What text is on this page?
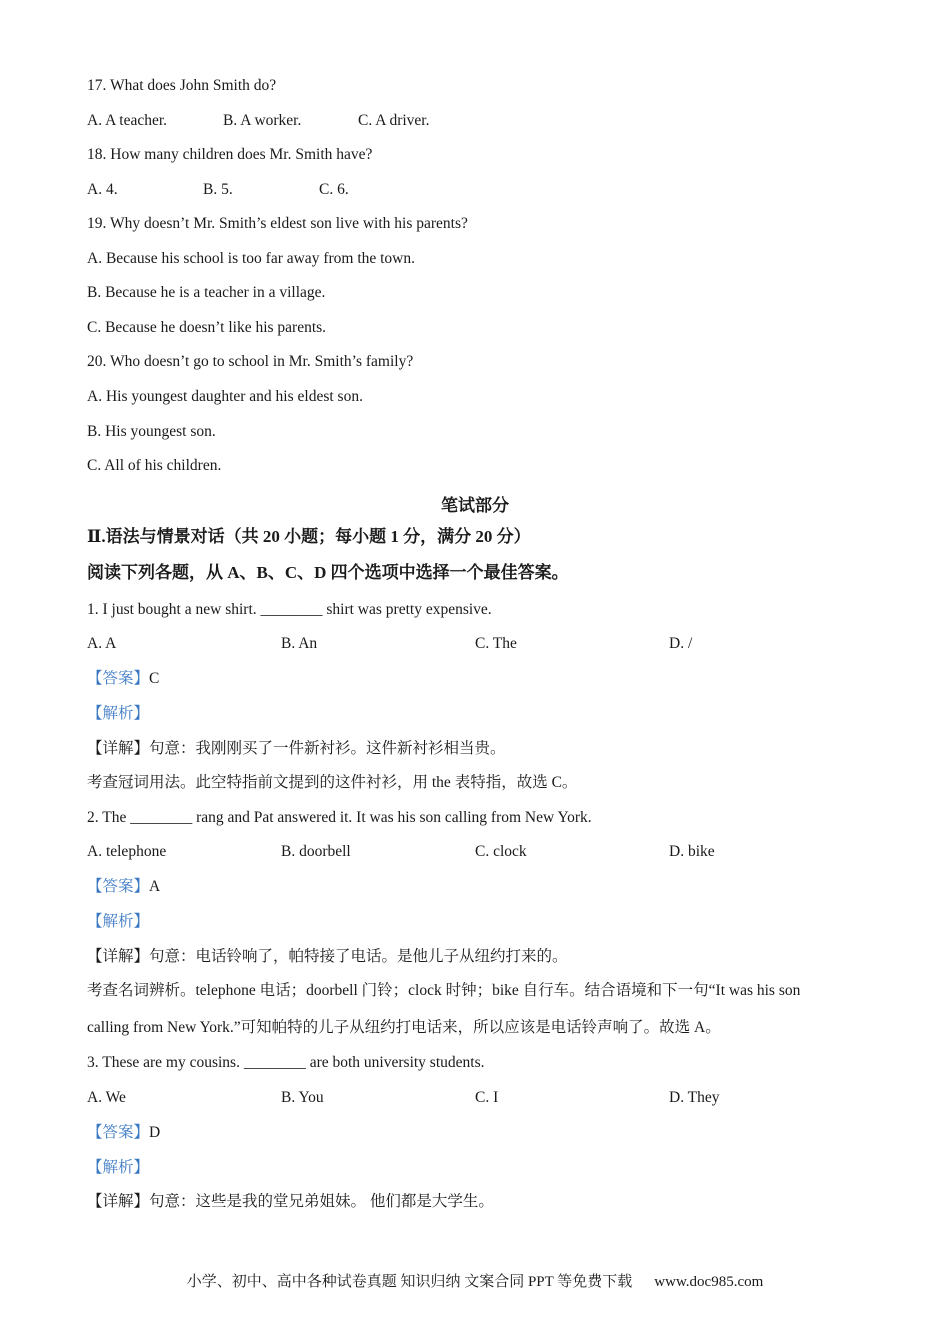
17. What does John Smith do?
A. A teacher.	B. A worker.	C. A driver.
18. How many children does Mr. Smith have?
A. 4.	B. 5.	C. 6.
19. Why doesn’t Mr. Smith’s eldest son live with his parents?
A. Because his school is too far away from the town.
B. Because he is a teacher in a village.
C. Because he doesn’t like his parents.
20. Who doesn’t go to school in Mr. Smith’s family?
A. His youngest daughter and his eldest son.
B. His youngest son.
C. All of his children.
笔试部分
Ⅱ.语法与情景对话（共 20 小题；每小题 1 分，满分 20 分）
阅读下列各题，从 A、B、C、D 四个选项中选择一个最佳答案。
1. I just bought a new shirt. ________ shirt was pretty expensive.
A. A	B. An	C. The	D. /
【答案】C
【解析】
【详解】句意：我刚刚买了一件新衬衫。这件新衬衫相当贵。
考查冠词用法。此空特指前文提到的这件衬衫，用 the 表特指，故选 C。
2. The ________ rang and Pat answered it. It was his son calling from New York.
A. telephone	B. doorbell	C. clock	D. bike
【答案】A
【解析】
【详解】句意：电话铃响了，帕特接了电话。是他儿子从纽约打来的。
考查名词辨析。telephone 电话；doorbell 门铃；clock 时钟；bike 自行车。结合语境和下一句“It was his son
calling from New York.”可知帕特的儿子从纽约打电话来，所以应该是电话铃声响了。故选 A。
3. These are my cousins. ________ are both university students.
A. We	B. You	C. I	D. They
【答案】D
【解析】
【详解】句意：这些是我的堂兄弟姐妹。 他们都是大学生。
小学、初中、高中各种试卷真题 知识归纳 文案合同 PPT 等免费下载 www.doc985.com
